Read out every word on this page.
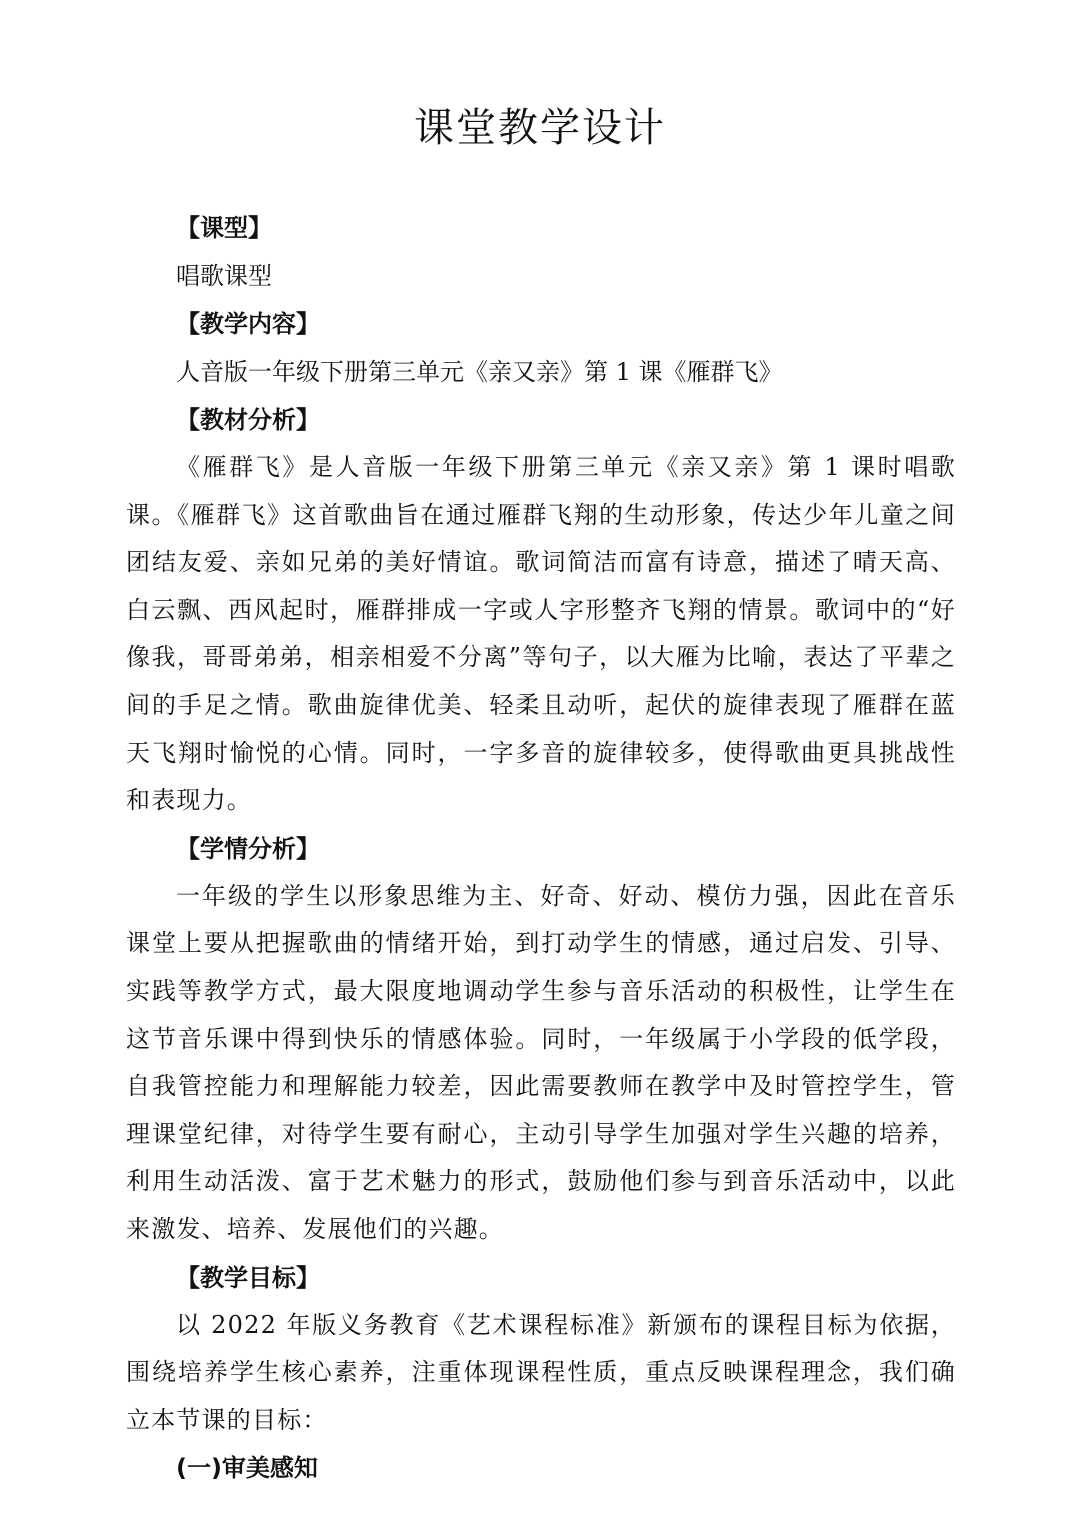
课堂教学设计
【课型】
唱歌课型
【教学内容】
人音版一年级下册第三单元《亲又亲》第 1 课《雁群飞》
【教材分析】

《雁群飞》是人音版一年级下册第三单元《亲又亲》第 1 课时唱歌课。《雁群飞》这首歌曲旨在通过雁群飞翔的生动形象，传达少年儿童之间团结友爱、亲如兄弟的美好情谊。歌词简洁而富有诗意，描述了晴天高、白云飘、西风起时，雁群排成一字或人字形整齐飞翔的情景。歌词中的“好像我，哥哥弟弟，相亲相爱不分离”等句子，以大雁为比喻，表达了平辈之间的手足之情。歌曲旋律优美、轻柔且动听，起伏的旋律表现了雁群在蓝天飞翔时愉悦的心情。同时，一字多音的旋律较多，使得歌曲更具挑战性和表现力。

【学情分析】

一年级的学生以形象思维为主、好奇、好动、模仿力强，因此在音乐课堂上要从把握歌曲的情绪开始，到打动学生的情感，通过启发、引导、实践等教学方式，最大限度地调动学生参与音乐活动的积极性，让学生在这节音乐课中得到快乐的情感体验。同时，一年级属于小学段的低学段，自我管控能力和理解能力较差，因此需要教师在教学中及时管控学生，管理课堂纪律，对待学生要有耐心，主动引导学生加强对学生兴趣的培养，利用生动活泼、富于艺术魅力的形式，鼓励他们参与到音乐活动中，以此来激发、培养、发展他们的兴趣。

【教学目标】

以 2022 年版义务教育《艺术课程标准》新颁布的课程目标为依据，围绕培养学生核心素养，注重体现课程性质，重点反映课程理念，我们确立本节课的目标：

(一)审美感知
